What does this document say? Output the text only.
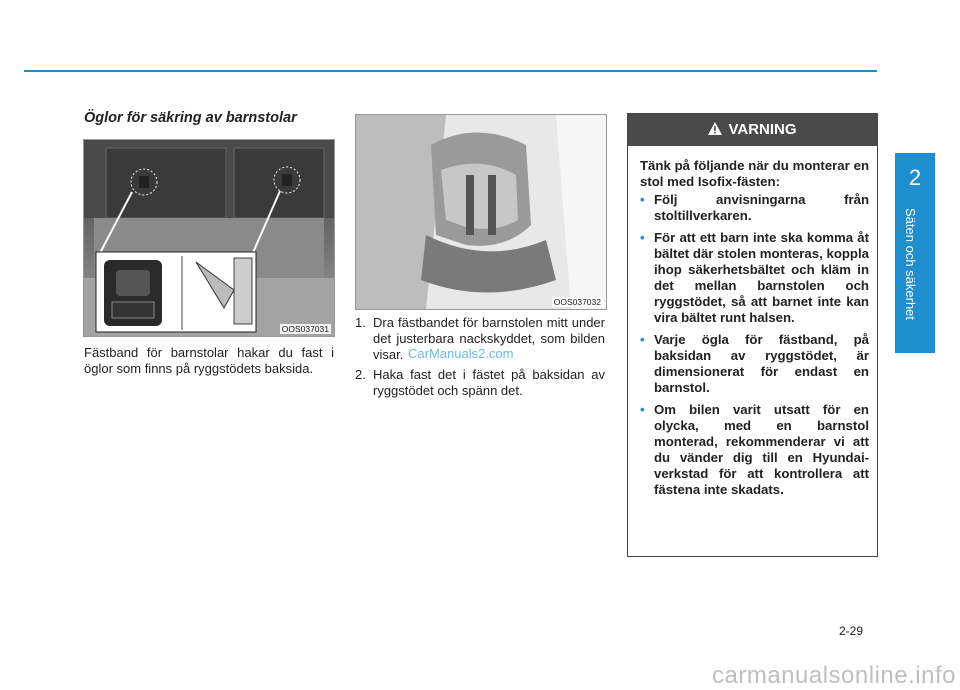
2
Säten och säkerhet
Öglor för säkring av barnstolar
OOS037031
Fästband för barnstolar hakar du fast i öglor som finns på ryggstödets baksida.
OOS037032
1. Dra fästbandet för barnstolen mitt under det justerbara nackskyddet, som bilden visar.
2. Haka fast det i fästet på baksidan av ryggstödet och spänn det.
CarManuals2.com
VARNING
Tänk på följande när du monterar en stol med Isofix-fästen:
• Följ anvisningarna från stoltillverkaren.
• För att ett barn inte ska komma åt bältet där stolen monteras, koppla ihop säkerhetsbältet och kläm in det mellan barnstolen och ryggstödet, så att barnet inte kan vira bältet runt halsen.
• Varje ögla för fästband, på baksidan av ryggstödet, är dimensionerat för endast en barnstol.
• Om bilen varit utsatt för en olycka, med en barnstol monterad, rekommenderar vi att du vänder dig till en Hyundai-verkstad för att kontrollera att fästena inte skadats.
2-29
carmanualsonline.info
